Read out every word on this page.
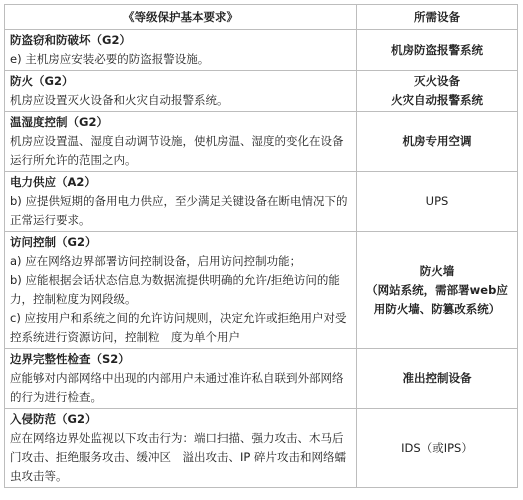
《等级保护基本要求》	所需设备

防盗窃和防破坏（G2）
e) 主机房应安装必要的防盗报警设施。	机房防盗报警系统

防火（G2）
机房应设置灭火设备和火灾自动报警系统。	灭火设备
火灾自动报警系统

温湿度控制（G2）
机房应设置温、湿度自动调节设施，使机房温、湿度的变化在设备运行所允许的范围之内。	机房专用空调

电力供应（A2）
b) 应提供短期的备用电力供应，至少满足关键设备在断电情况下的正常运行要求。	UPS

访问控制（G2）
a) 应在网络边界部署访问控制设备，启用访问控制功能；
b) 应能根据会话状态信息为数据流提供明确的允许/拒绝访问的能力，控制粒度为网段级。
c) 应按用户和系统之间的允许访问规则，决定允许或拒绝用户对受控系统进行资源访问，控制粒　度为单个用户	防火墙
（网站系统，需部署web应用防火墙、防篡改系统）

边界完整性检查（S2）
应能够对内部网络中出现的内部用户未通过准许私自联到外部网络的行为进行检查。	准出控制设备

入侵防范（G2）
应在网络边界处监视以下攻击行为：端口扫描、强力攻击、木马后门攻击、拒绝服务攻击、缓冲区　溢出攻击、IP 碎片攻击和网络蠕虫攻击等。	IDS（或IPS）
